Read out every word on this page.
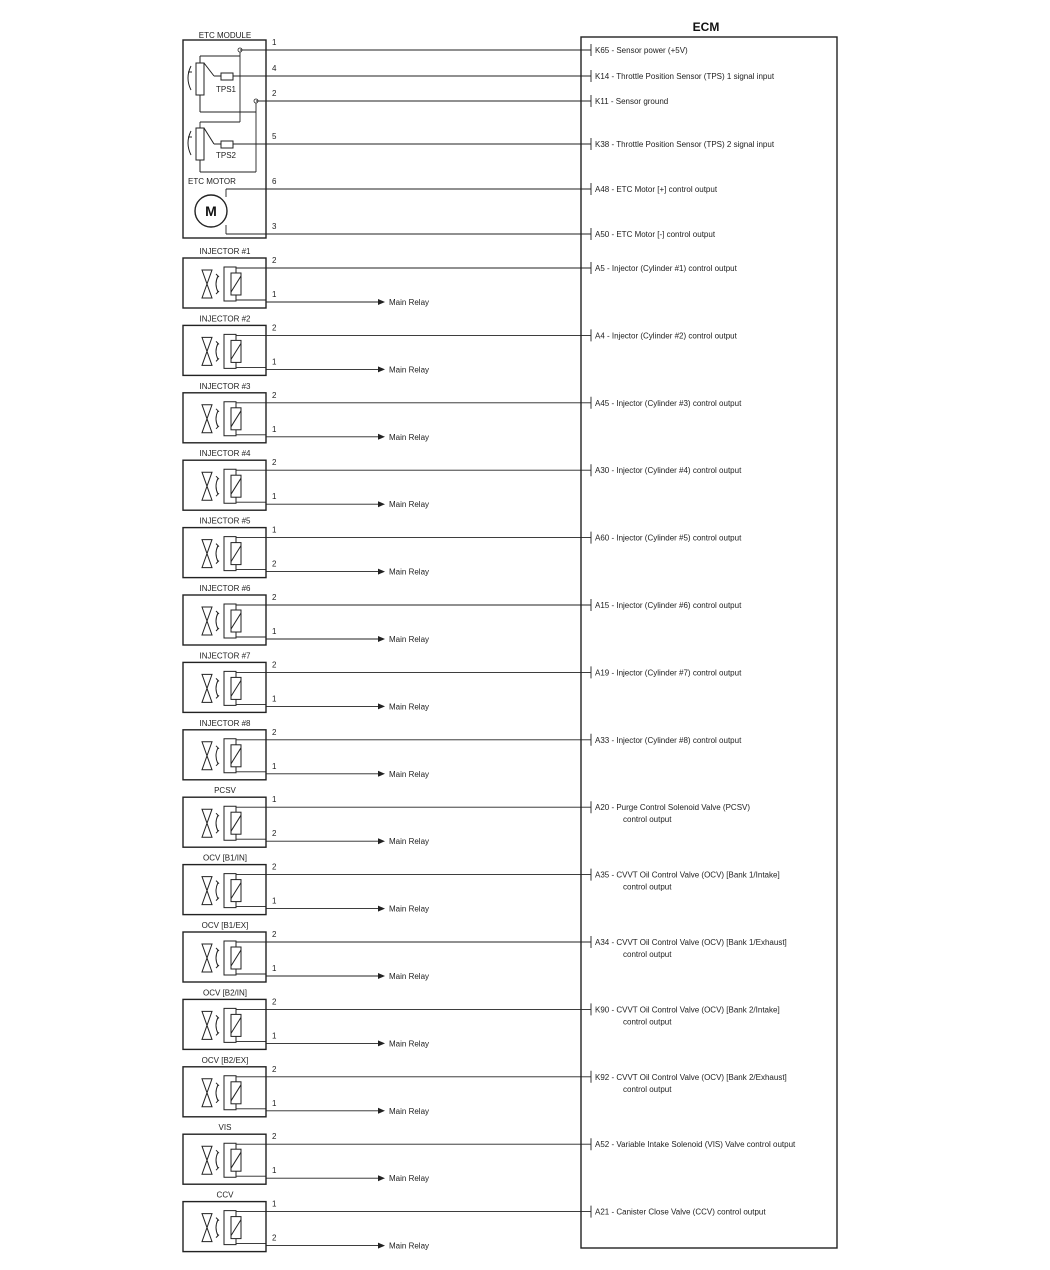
ECM
ETC MODULE
TPS1
TPS2
ETC MOTOR
M
1
K65 - Sensor power (+5V)
4
K14 - Throttle Position Sensor (TPS) 1 signal input
2
K11 - Sensor ground
5
K38 - Throttle Position Sensor (TPS) 2 signal input
6
A48 - ETC Motor [+] control output
3
A50 - ETC Motor [-] control output
INJECTOR #1
2
Main Relay
1
A5 - Injector (Cylinder #1) control output
INJECTOR #2
2
Main Relay
1
A4 - Injector (Cylinder #2) control output
INJECTOR #3
2
Main Relay
1
A45 - Injector (Cylinder #3) control output
INJECTOR #4
2
Main Relay
1
A30 - Injector (Cylinder #4) control output
INJECTOR #5
1
Main Relay
2
A60 - Injector (Cylinder #5) control output
INJECTOR #6
2
Main Relay
1
A15 - Injector (Cylinder #6) control output
INJECTOR #7
2
Main Relay
1
A19 - Injector (Cylinder #7) control output
INJECTOR #8
2
Main Relay
1
A33 - Injector (Cylinder #8) control output
PCSV
1
Main Relay
2
A20 - Purge Control Solenoid Valve (PCSV)
control output
OCV [B1/IN]
2
Main Relay
1
A35 - CVVT Oil Control Valve (OCV) [Bank 1/Intake]
control output
OCV [B1/EX]
2
Main Relay
1
A34 - CVVT Oil Control Valve (OCV) [Bank 1/Exhaust]
control output
OCV [B2/IN]
2
Main Relay
1
K90 - CVVT Oil Control Valve (OCV) [Bank 2/Intake]
control output
OCV [B2/EX]
2
Main Relay
1
K92 - CVVT Oil Control Valve (OCV) [Bank 2/Exhaust]
control output
VIS
2
Main Relay
1
A52 - Variable Intake Solenoid (VIS) Valve control output
CCV
1
Main Relay
2
A21 - Canister Close Valve (CCV) control output
